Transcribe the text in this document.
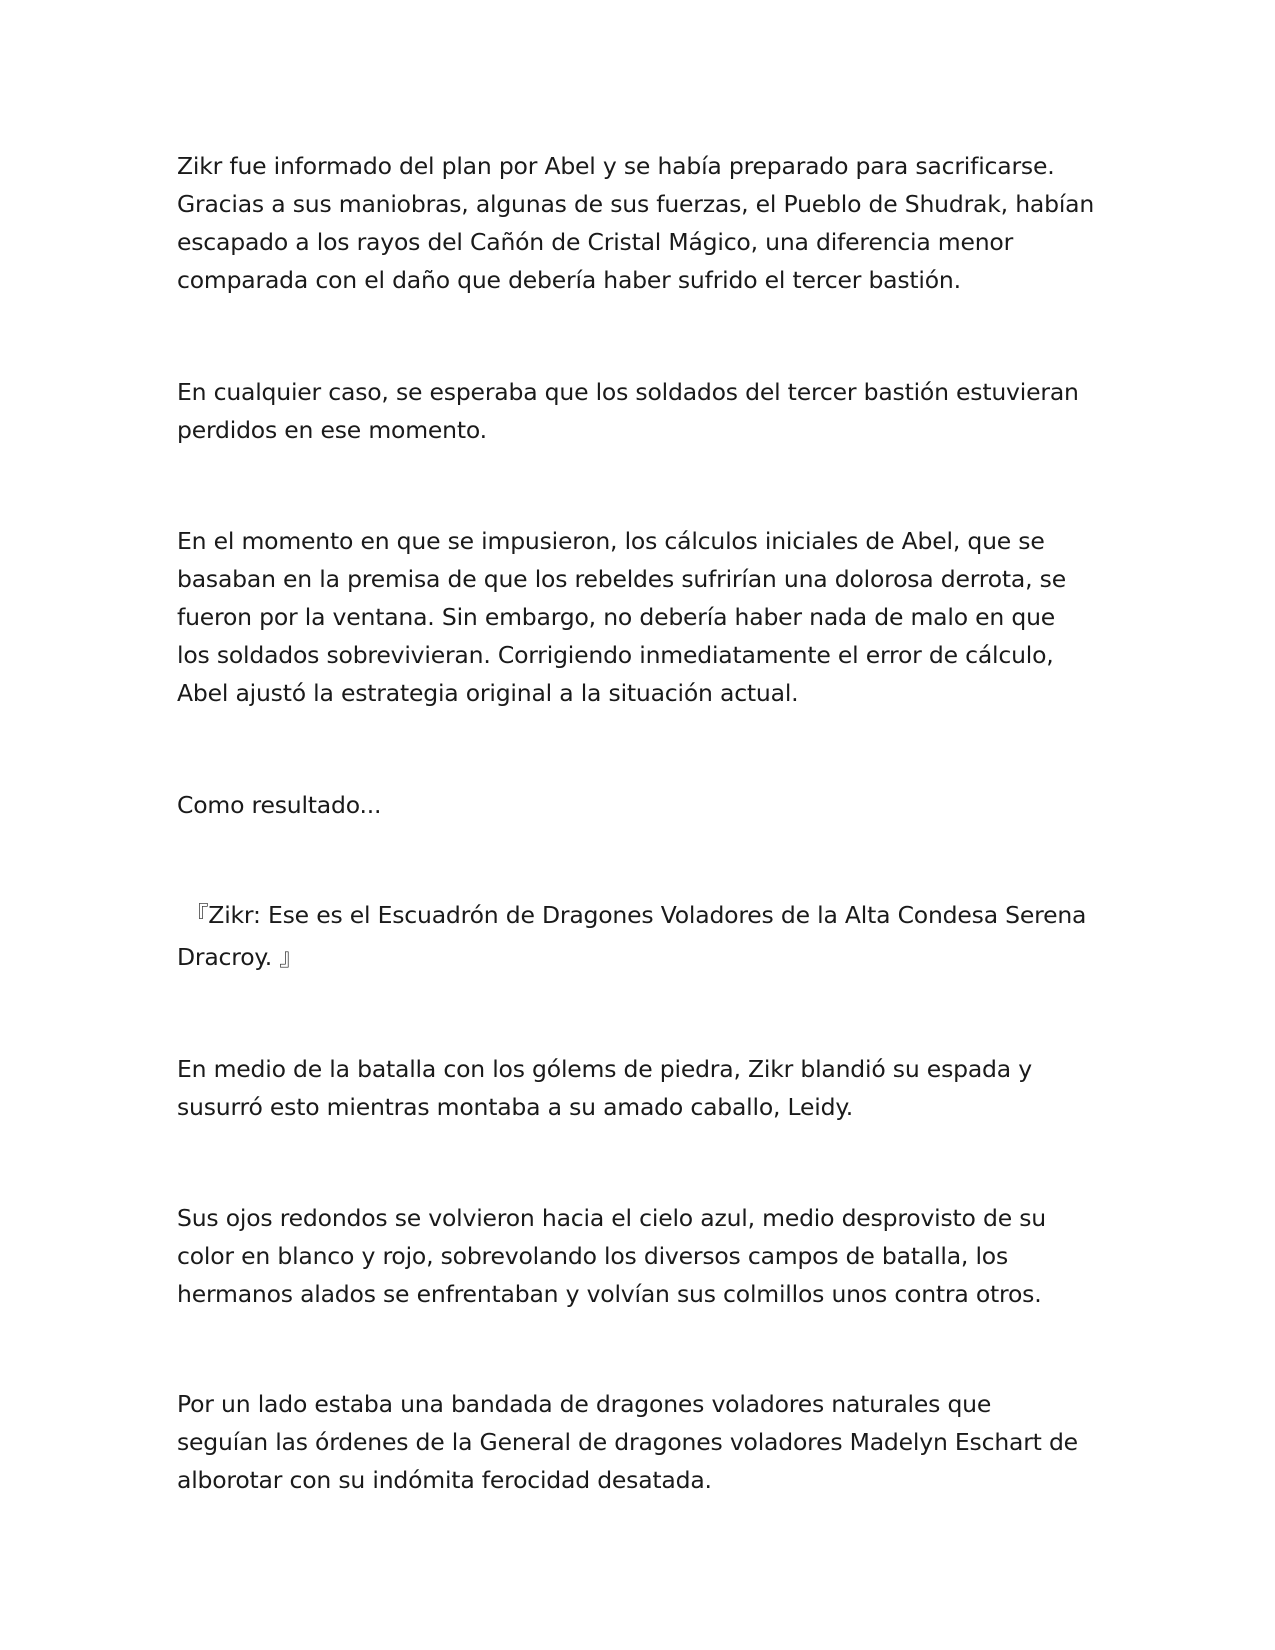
Zikr fue informado del plan por Abel y se había preparado para sacrificarse.
Gracias a sus maniobras, algunas de sus fuerzas, el Pueblo de Shudrak, habían
escapado a los rayos del Cañón de Cristal Mágico, una diferencia menor
comparada con el daño que debería haber sufrido el tercer bastión.

En cualquier caso, se esperaba que los soldados del tercer bastión estuvieran
perdidos en ese momento.

En el momento en que se impusieron, los cálculos iniciales de Abel, que se
basaban en la premisa de que los rebeldes sufrirían una dolorosa derrota, se
fueron por la ventana. Sin embargo, no debería haber nada de malo en que
los soldados sobrevivieran. Corrigiendo inmediatamente el error de cálculo,
Abel ajustó la estrategia original a la situación actual.

Como resultado...

『Zikr: Ese es el Escuadrón de Dragones Voladores de la Alta Condesa Serena
Dracroy. 』

En medio de la batalla con los gólems de piedra, Zikr blandió su espada y
susurró esto mientras montaba a su amado caballo, Leidy.

Sus ojos redondos se volvieron hacia el cielo azul, medio desprovisto de su
color en blanco y rojo, sobrevolando los diversos campos de batalla, los
hermanos alados se enfrentaban y volvían sus colmillos unos contra otros.

Por un lado estaba una bandada de dragones voladores naturales que
seguían las órdenes de la General de dragones voladores Madelyn Eschart de
alborotar con su indómita ferocidad desatada.
